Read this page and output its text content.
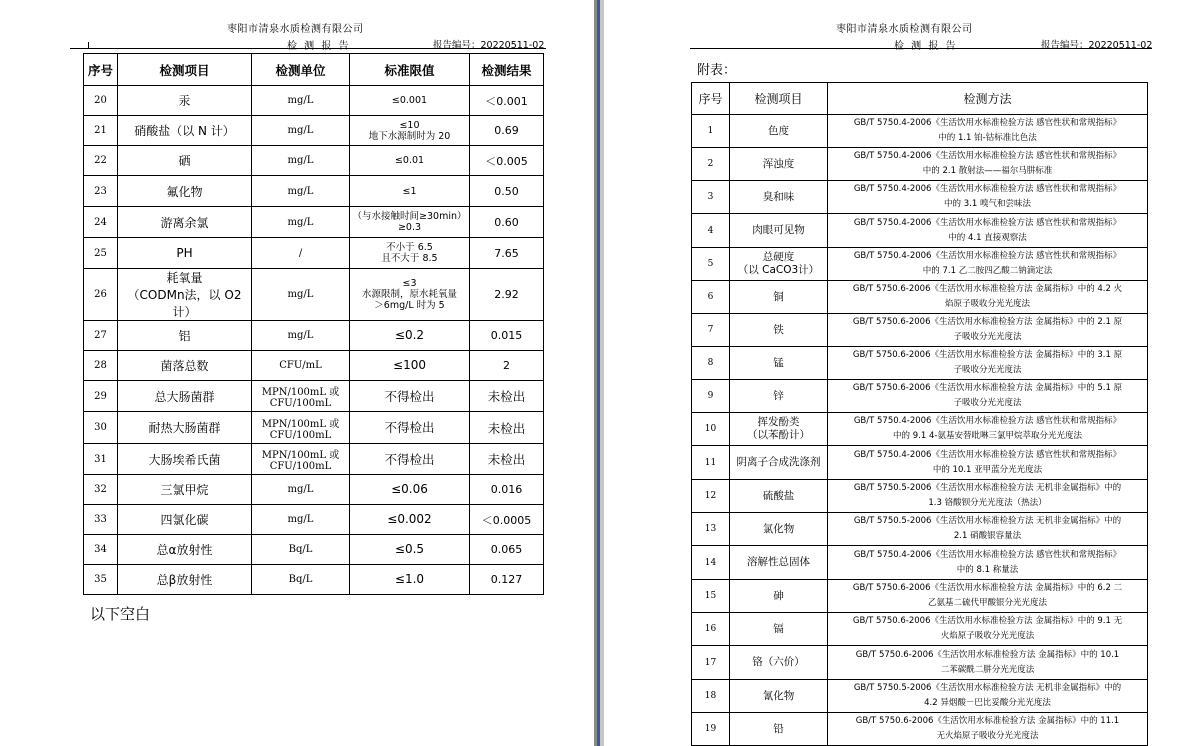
枣阳市清泉水质检测有限公司
检 测 报 告	报告编号：20220511-02
序号	检测项目	检测单位	标准限值	检测结果
20	汞	mg/L	≤0.001	＜0.001
21	硝酸盐（以 N 计）	mg/L	≤10
地下水源制时为 20	0.69
22	硒	mg/L	≤0.01	＜0.005
23	氟化物	mg/L	≤1	0.50
24	游离余氯	mg/L	（与水接触时间≥30min）
≥0.3	0.60
25	PH	/	不小于 6.5
且不大于 8.5	7.65
26	耗氧量
（CODMn法，以 O2计）	mg/L	≤3
水源限制，原水耗氧量
＞6mg/L 时为 5	2.92
27	铝	mg/L	≤0.2	0.015
28	菌落总数	CFU/mL	≤100	2
29	总大肠菌群	MPN/100mL 或
CFU/100mL	不得检出	未检出
30	耐热大肠菌群	MPN/100mL 或
CFU/100mL	不得检出	未检出
31	大肠埃希氏菌	MPN/100mL 或
CFU/100mL	不得检出	未检出
32	三氯甲烷	mg/L	≤0.06	0.016
33	四氯化碳	mg/L	≤0.002	＜0.0005
34	总α放射性	Bq/L	≤0.5	0.065
35	总β放射性	Bq/L	≤1.0	0.127
以下空白
枣阳市清泉水质检测有限公司
检 测 报 告	报告编号：20220511-02
附表：
序号	检测项目	检测方法
1	色度	GB/T 5750.4-2006《生活饮用水标准检验方法 感官性状和常规指标》
中的 1.1 铂-钴标准比色法
2	浑浊度	GB/T 5750.4-2006《生活饮用水标准检验方法 感官性状和常规指标》
中的 2.1 散射法——福尔马肼标准
3	臭和味	GB/T 5750.4-2006《生活饮用水标准检验方法 感官性状和常规指标》
中的 3.1 嗅气和尝味法
4	肉眼可见物	GB/T 5750.4-2006《生活饮用水标准检验方法 感官性状和常规指标》
中的 4.1 直接观察法
5	总硬度
（以 CaCO3计）	GB/T 5750.4-2006《生活饮用水标准检验方法 感官性状和常规指标》
中的 7.1 乙二胺四乙酸二钠滴定法
6	铜	GB/T 5750.6-2006《生活饮用水标准检验方法 金属指标》中的 4.2 火
焰原子吸收分光光度法
7	铁	GB/T 5750.6-2006《生活饮用水标准检验方法 金属指标》中的 2.1 原
子吸收分光光度法
8	锰	GB/T 5750.6-2006《生活饮用水标准检验方法 金属指标》中的 3.1 原
子吸收分光光度法
9	锌	GB/T 5750.6-2006《生活饮用水标准检验方法 金属指标》中的 5.1 原
子吸收分光光度法
10	挥发酚类
（以苯酚计）	GB/T 5750.4-2006《生活饮用水标准检验方法 感官性状和常规指标》
中的 9.1 4-氨基安替吡啉三氯甲烷萃取分光光度法
11	阴离子合成洗涤剂	GB/T 5750.4-2006《生活饮用水标准检验方法 感官性状和常规指标》
中的 10.1 亚甲蓝分光光度法
12	硫酸盐	GB/T 5750.5-2006《生活饮用水标准检验方法 无机非金属指标》中的
1.3 铬酸钡分光光度法（热法）
13	氯化物	GB/T 5750.5-2006《生活饮用水标准检验方法 无机非金属指标》中的
2.1 硝酸银容量法
14	溶解性总固体	GB/T 5750.4-2006《生活饮用水标准检验方法 感官性状和常规指标》
中的 8.1 称量法
15	砷	GB/T 5750.6-2006《生活饮用水标准检验方法 金属指标》中的 6.2 二
乙氨基二硫代甲酸银分光光度法
16	镉	GB/T 5750.6-2006《生活饮用水标准检验方法 金属指标》中的 9.1 无
火焰原子吸收分光光度法
17	铬（六价）	GB/T 5750.6-2006《生活饮用水标准检验方法 金属指标》中的 10.1
二苯碳酰二肼分光光度法
18	氰化物	GB/T 5750.5-2006《生活饮用水标准检验方法 无机非金属指标》中的
4.2 异烟酸－巴比妥酸分光光度法
19	铅	GB/T 5750.6-2006《生活饮用水标准检验方法 金属指标》中的 11.1
无火焰原子吸收分光光度法
